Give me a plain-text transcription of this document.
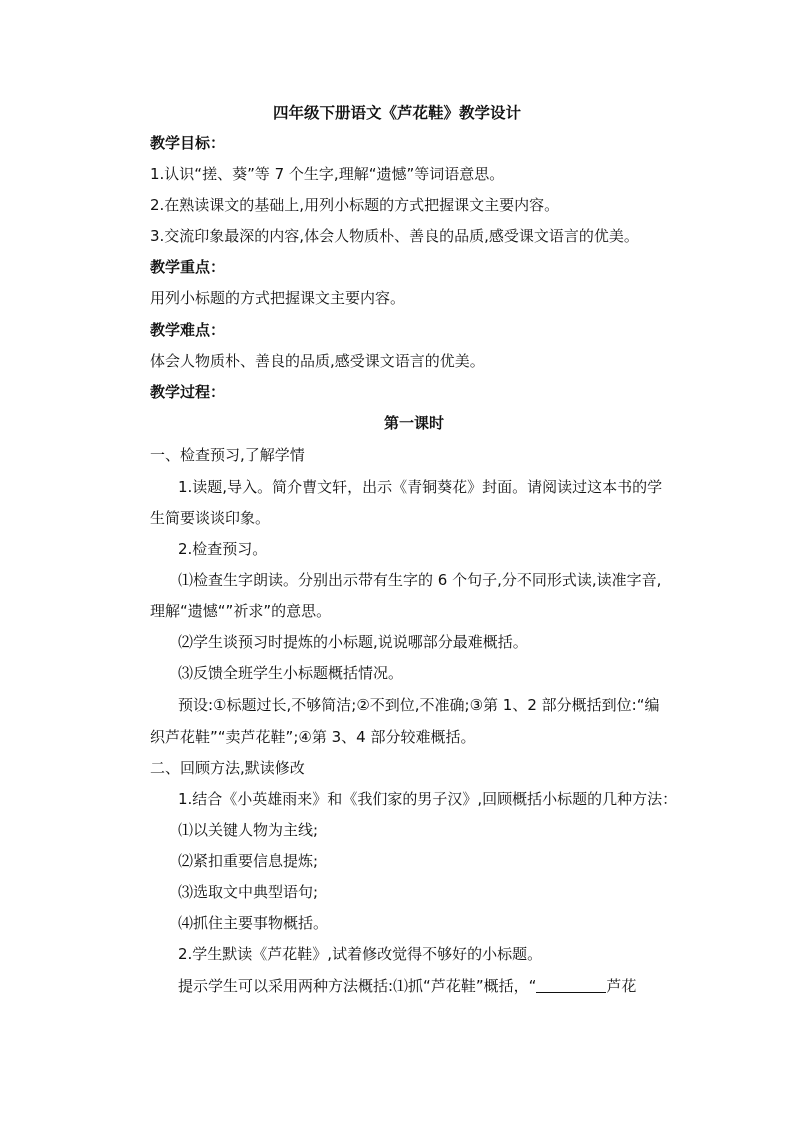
四年级下册语文《芦花鞋》教学设计
教学目标：
1.认识“搓、葵”等 7 个生字,理解“遗憾”等词语意思。
2.在熟读课文的基础上,用列小标题的方式把握课文主要内容。
3.交流印象最深的内容,体会人物质朴、善良的品质,感受课文语言的优美。
教学重点：
用列小标题的方式把握课文主要内容。
教学难点：
体会人物质朴、善良的品质,感受课文语言的优美。
教学过程：
第一课时
一、检查预习,了解学情
1.读题,导入。简介曹文轩，出示《青铜葵花》封面。请阅读过这本书的学
生简要谈谈印象。
2.检查预习。
⑴检查生字朗读。分别出示带有生字的 6 个句子,分不同形式读,读准字音,
理解“遗憾“”祈求”的意思。
⑵学生谈预习时提炼的小标题,说说哪部分最难概括。
⑶反馈全班学生小标题概括情况。
预设:①标题过长,不够简洁;②不到位,不准确;③第 1、2 部分概括到位:“编
织芦花鞋”“卖芦花鞋”;④第 3、4 部分较难概括。
二、回顾方法,默读修改
1.结合《小英雄雨来》和《我们家的男子汉》,回顾概括小标题的几种方法：
⑴以关键人物为主线;
⑵紧扣重要信息提炼;
⑶选取文中典型语句;
⑷抓住主要事物概括。
2.学生默读《芦花鞋》,试着修改觉得不够好的小标题。
提示学生可以采用两种方法概括:⑴抓“芦花鞋”概括，“	芦花
